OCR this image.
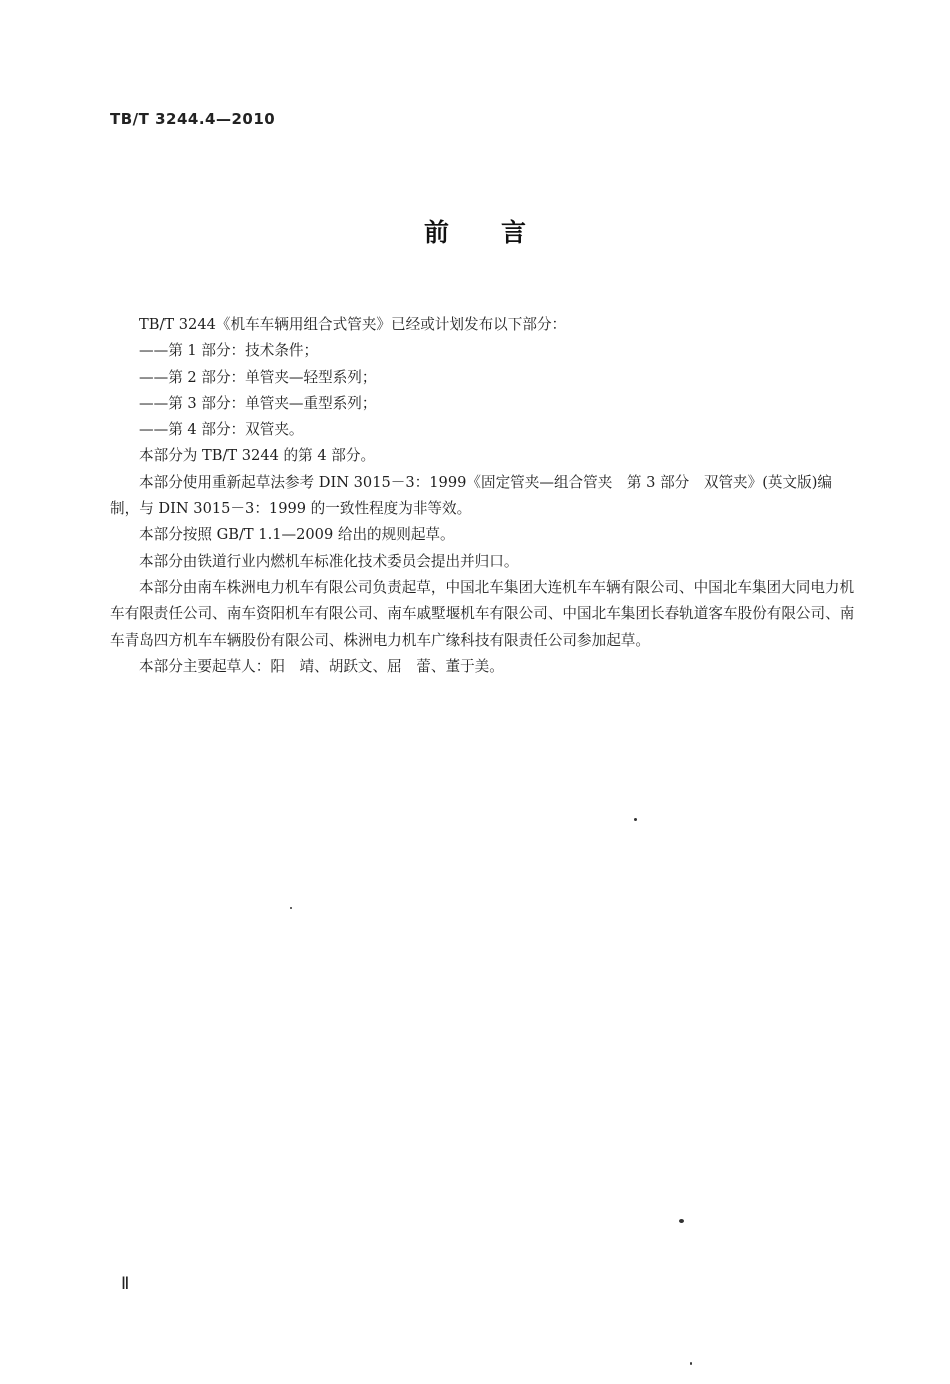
TB/T 3244.4—2010
前言

TB/T 3244《机车车辆用组合式管夹》已经或计划发布以下部分：

——第 1 部分：技术条件；

——第 2 部分：单管夹—轻型系列；

——第 3 部分：单管夹—重型系列；

——第 4 部分：双管夹。

本部分为 TB/T 3244 的第 4 部分。

本部分使用重新起草法参考 DIN 3015－3：1999《固定管夹—组合管夹　第 3 部分　双管夹》(英文版)编制，与 DIN 3015－3：1999 的一致性程度为非等效。

本部分按照 GB/T 1.1—2009 给出的规则起草。

本部分由铁道行业内燃机车标准化技术委员会提出并归口。

本部分由南车株洲电力机车有限公司负责起草，中国北车集团大连机车车辆有限公司、中国北车集团大同电力机车有限责任公司、南车资阳机车有限公司、南车戚墅堰机车有限公司、中国北车集团长春轨道客车股份有限公司、南车青岛四方机车车辆股份有限公司、株洲电力机车广缘科技有限责任公司参加起草。

本部分主要起草人：阳　靖、胡跃文、屈　蕾、董于美。

Ⅱ
